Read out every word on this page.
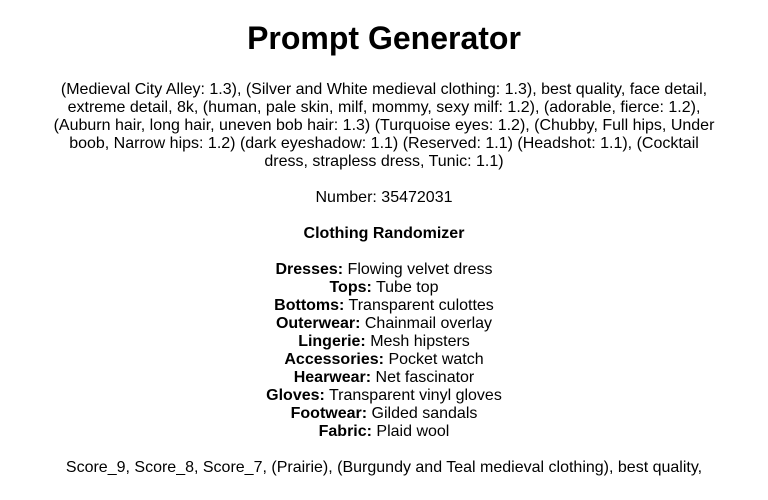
Prompt Generator

(Medieval City Alley: 1.3), (Silver and White medieval clothing: 1.3), best quality, face detail, extreme detail, 8k, (human, pale skin, milf, mommy, sexy milf: 1.2), (adorable, fierce: 1.2), (Auburn hair, long hair, uneven bob hair: 1.3) (Turquoise eyes: 1.2), (Chubby, Full hips, Under boob, Narrow hips: 1.2) (dark eyeshadow: 1.1) (Reserved: 1.1) (Headshot: 1.1), (Cocktail dress, strapless dress, Tunic: 1.1)

Number: 35472031

Clothing Randomizer

Dresses: Flowing velvet dress
Tops: Tube top
Bottoms: Transparent culottes
Outerwear: Chainmail overlay
Lingerie: Mesh hipsters
Accessories: Pocket watch
Hearwear: Net fascinator
Gloves: Transparent vinyl gloves
Footwear: Gilded sandals
Fabric: Plaid wool

Score_9, Score_8, Score_7, (Prairie), (Burgundy and Teal medieval clothing), best quality,
